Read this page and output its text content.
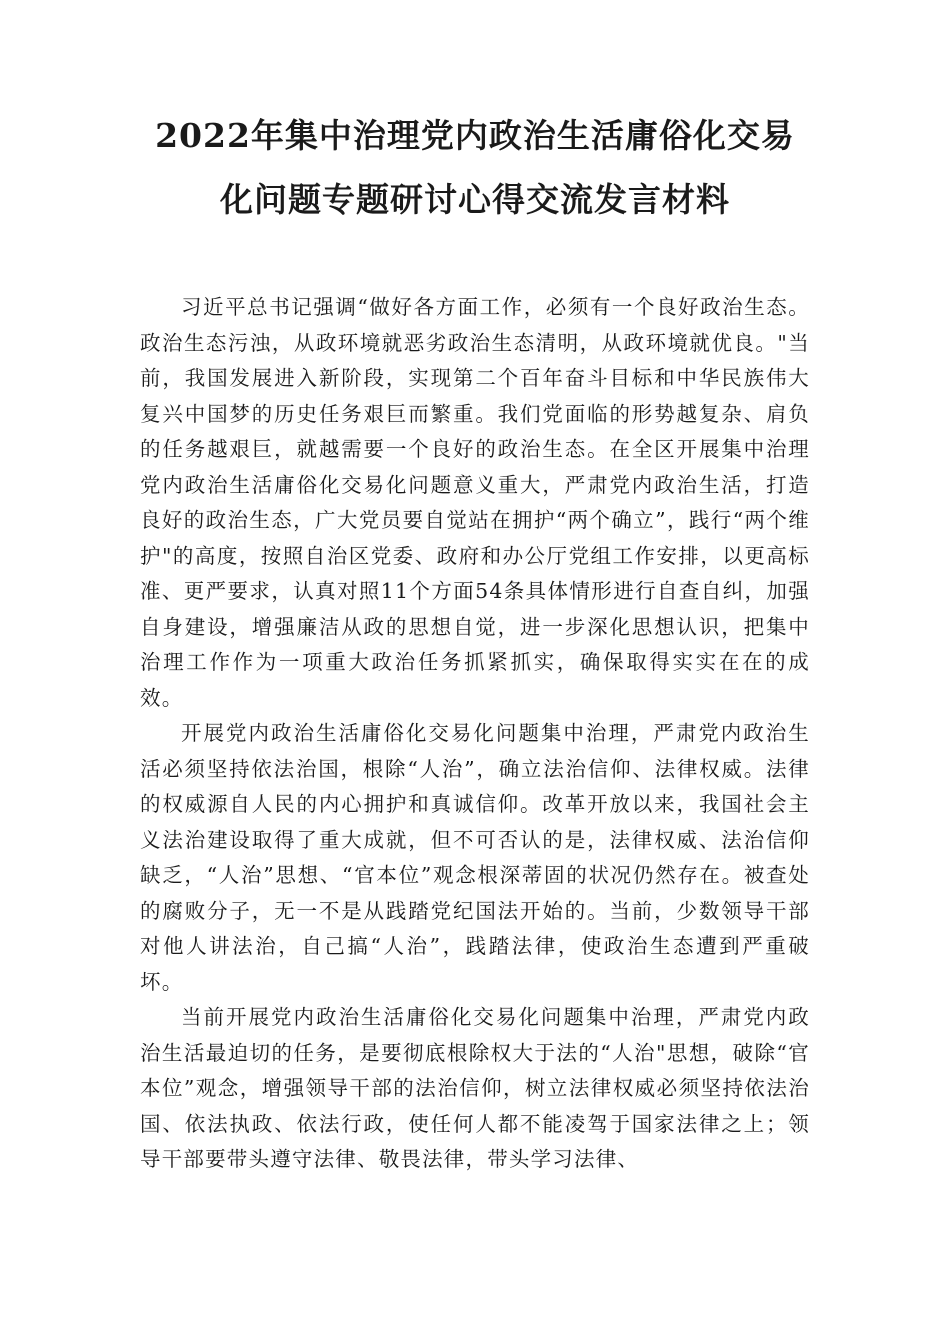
2022年集中治理党内政治生活庸俗化交易
化问题专题研讨心得交流发言材料

习近平总书记强调“做好各方面工作，必须有一个良好政治生态。政治生态污浊，从政环境就恶劣政治生态清明，从政环境就优良。"当前，我国发展进入新阶段，实现第二个百年奋斗目标和中华民族伟大复兴中国梦的历史任务艰巨而繁重。我们党面临的形势越复杂、肩负的任务越艰巨，就越需要一个良好的政治生态。在全区开展集中治理党内政治生活庸俗化交易化问题意义重大，严肃党内政治生活，打造良好的政治生态，广大党员要自觉站在拥护“两个确立”，践行“两个维护"的高度，按照自治区党委、政府和办公厅党组工作安排，以更高标准、更严要求，认真对照11个方面54条具体情形进行自查自纠，加强自身建设，增强廉洁从政的思想自觉，进一步深化思想认识，把集中治理工作作为一项重大政治任务抓紧抓实，确保取得实实在在的成效。

开展党内政治生活庸俗化交易化问题集中治理，严肃党内政治生活必须坚持依法治国，根除“人治”，确立法治信仰、法律权威。法律的权威源自人民的内心拥护和真诚信仰。改革开放以来，我国社会主义法治建设取得了重大成就，但不可否认的是，法律权威、法治信仰缺乏，“人治”思想、“官本位”观念根深蒂固的状况仍然存在。被查处的腐败分子，无一不是从践踏党纪国法开始的。当前，少数领导干部对他人讲法治，自己搞“人治”，践踏法律，使政治生态遭到严重破坏。

当前开展党内政治生活庸俗化交易化问题集中治理，严肃党内政治生活最迫切的任务，是要彻底根除权大于法的“人治"思想，破除“官本位”观念，增强领导干部的法治信仰，树立法律权威必须坚持依法治国、依法执政、依法行政，使任何人都不能凌驾于国家法律之上；领导干部要带头遵守法律、敬畏法律，带头学习法律、
